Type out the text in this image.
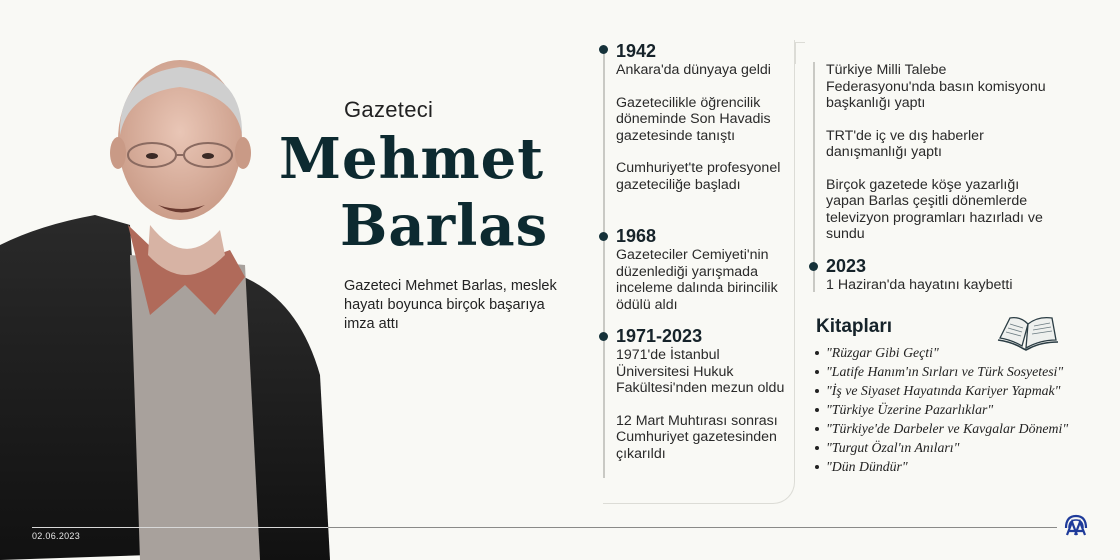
Gazeteci
Mehmet
Barlas
Gazeteci Mehmet Barlas, meslek hayatı boyunca birçok başarıya imza attı
1942

Ankara'da dünyaya geldi

Gazetecilikle öğrencilik döneminde Son Havadis gazetesinde tanıştı

Cumhuriyet'te profesyonel gazeteciliğe başladı

1968

Gazeteciler Cemiyeti'nin düzenlediği yarışmada inceleme dalında birincilik ödülü aldı

1971-2023

1971'de İstanbul Üniversitesi Hukuk Fakültesi'nden mezun oldu

12 Mart Muhtırası sonrası Cumhuriyet gazetesinden çıkarıldı

Türkiye Milli Talebe Federasyonu'nda basın komisyonu başkanlığı yaptı

TRT'de iç ve dış haberler danışmanlığı yaptı

Birçok gazetede köşe yazarlığı yapan Barlas çeşitli dönemlerde televizyon programları hazırladı ve sundu

2023

1 Haziran'da hayatını kaybetti

Kitapları
"Rüzgar Gibi Geçti"
"Latife Hanım'ın Sırları ve Türk Sosyetesi"
"İş ve Siyaset Hayatında Kariyer Yapmak"
"Türkiye Üzerine Pazarlıklar"
"Türkiye'de Darbeler ve Kavgalar Dönemi"
"Turgut Özal'ın Anıları"
"Dün Dündür"
02.06.2023
